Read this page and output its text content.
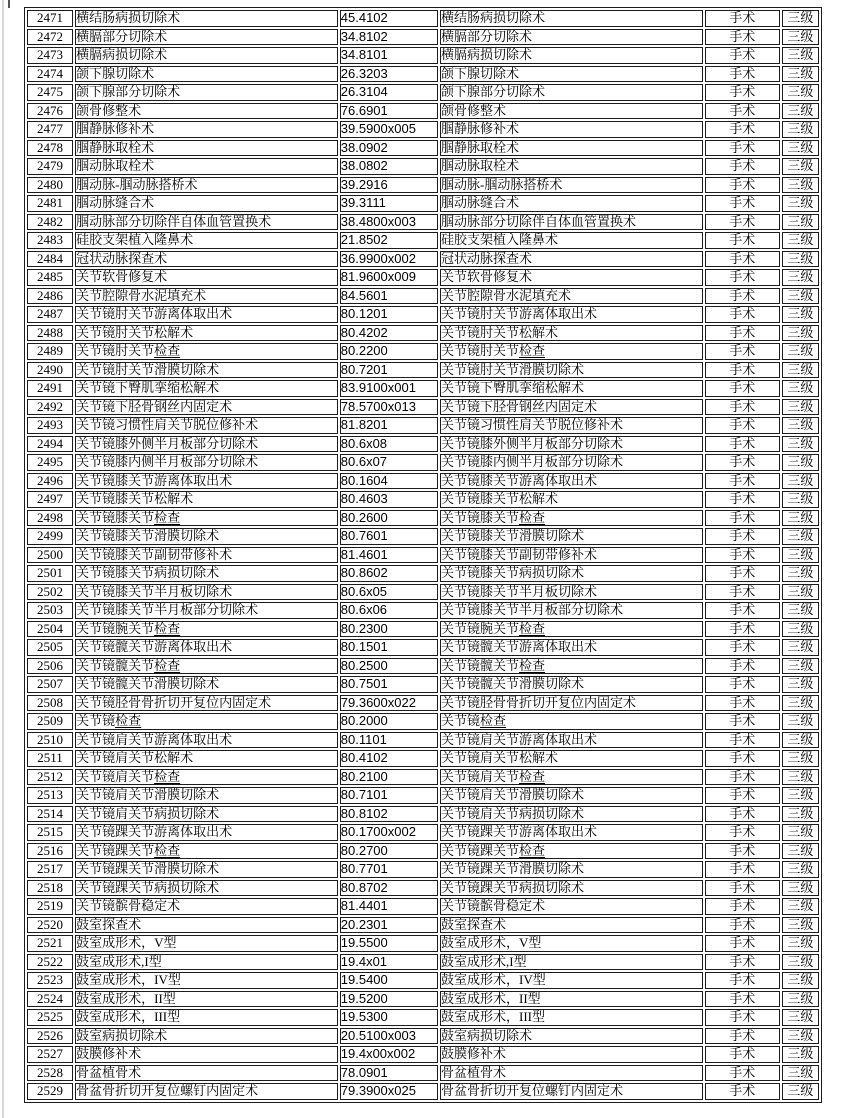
2471	横结肠病损切除术	45.4102	横结肠病损切除术	手术	三级
2472	横膈部分切除术	34.8102	横膈部分切除术	手术	三级
2473	横膈病损切除术	34.8101	横膈病损切除术	手术	三级
2474	颌下腺切除术	26.3203	颌下腺切除术	手术	三级
2475	颌下腺部分切除术	26.3104	颌下腺部分切除术	手术	三级
2476	颌骨修整术	76.6901	颌骨修整术	手术	三级
2477	腘静脉修补术	39.5900x005	腘静脉修补术	手术	三级
2478	腘静脉取栓术	38.0902	腘静脉取栓术	手术	三级
2479	腘动脉取栓术	38.0802	腘动脉取栓术	手术	三级
2480	腘动脉-腘动脉搭桥术	39.2916	腘动脉-腘动脉搭桥术	手术	三级
2481	腘动脉缝合术	39.3111	腘动脉缝合术	手术	三级
2482	腘动脉部分切除伴自体血管置换术	38.4800x003	腘动脉部分切除伴自体血管置换术	手术	三级
2483	硅胶支架植入隆鼻术	21.8502	硅胶支架植入隆鼻术	手术	三级
2484	冠状动脉探查术	36.9900x002	冠状动脉探查术	手术	三级
2485	关节软骨修复术	81.9600x009	关节软骨修复术	手术	三级
2486	关节腔隙骨水泥填充术	84.5601	关节腔隙骨水泥填充术	手术	三级
2487	关节镜肘关节游离体取出术	80.1201	关节镜肘关节游离体取出术	手术	三级
2488	关节镜肘关节松解术	80.4202	关节镜肘关节松解术	手术	三级
2489	关节镜肘关节检查	80.2200	关节镜肘关节检查	手术	三级
2490	关节镜肘关节滑膜切除术	80.7201	关节镜肘关节滑膜切除术	手术	三级
2491	关节镜下臀肌挛缩松解术	83.9100x001	关节镜下臀肌挛缩松解术	手术	三级
2492	关节镜下胫骨钢丝内固定术	78.5700x013	关节镜下胫骨钢丝内固定术	手术	三级
2493	关节镜习惯性肩关节脱位修补术	81.8201	关节镜习惯性肩关节脱位修补术	手术	三级
2494	关节镜膝外侧半月板部分切除术	80.6x08	关节镜膝外侧半月板部分切除术	手术	三级
2495	关节镜膝内侧半月板部分切除术	80.6x07	关节镜膝内侧半月板部分切除术	手术	三级
2496	关节镜膝关节游离体取出术	80.1604	关节镜膝关节游离体取出术	手术	三级
2497	关节镜膝关节松解术	80.4603	关节镜膝关节松解术	手术	三级
2498	关节镜膝关节检查	80.2600	关节镜膝关节检查	手术	三级
2499	关节镜膝关节滑膜切除术	80.7601	关节镜膝关节滑膜切除术	手术	三级
2500	关节镜膝关节副韧带修补术	81.4601	关节镜膝关节副韧带修补术	手术	三级
2501	关节镜膝关节病损切除术	80.8602	关节镜膝关节病损切除术	手术	三级
2502	关节镜膝关节半月板切除术	80.6x05	关节镜膝关节半月板切除术	手术	三级
2503	关节镜膝关节半月板部分切除术	80.6x06	关节镜膝关节半月板部分切除术	手术	三级
2504	关节镜腕关节检查	80.2300	关节镜腕关节检查	手术	三级
2505	关节镜髋关节游离体取出术	80.1501	关节镜髋关节游离体取出术	手术	三级
2506	关节镜髋关节检查	80.2500	关节镜髋关节检查	手术	三级
2507	关节镜髋关节滑膜切除术	80.7501	关节镜髋关节滑膜切除术	手术	三级
2508	关节镜胫骨骨折切开复位内固定术	79.3600x022	关节镜胫骨骨折切开复位内固定术	手术	三级
2509	关节镜检查	80.2000	关节镜检查	手术	三级
2510	关节镜肩关节游离体取出术	80.1101	关节镜肩关节游离体取出术	手术	三级
2511	关节镜肩关节松解术	80.4102	关节镜肩关节松解术	手术	三级
2512	关节镜肩关节检查	80.2100	关节镜肩关节检查	手术	三级
2513	关节镜肩关节滑膜切除术	80.7101	关节镜肩关节滑膜切除术	手术	三级
2514	关节镜肩关节病损切除术	80.8102	关节镜肩关节病损切除术	手术	三级
2515	关节镜踝关节游离体取出术	80.1700x002	关节镜踝关节游离体取出术	手术	三级
2516	关节镜踝关节检查	80.2700	关节镜踝关节检查	手术	三级
2517	关节镜踝关节滑膜切除术	80.7701	关节镜踝关节滑膜切除术	手术	三级
2518	关节镜踝关节病损切除术	80.8702	关节镜踝关节病损切除术	手术	三级
2519	关节镜髌骨稳定术	81.4401	关节镜髌骨稳定术	手术	三级
2520	鼓室探查术	20.2301	鼓室探查术	手术	三级
2521	鼓室成形术，V型	19.5500	鼓室成形术，V型	手术	三级
2522	鼓室成形术,I型	19.4x01	鼓室成形术,I型	手术	三级
2523	鼓室成形术，IV型	19.5400	鼓室成形术，IV型	手术	三级
2524	鼓室成形术，II型	19.5200	鼓室成形术，II型	手术	三级
2525	鼓室成形术，III型	19.5300	鼓室成形术，III型	手术	三级
2526	鼓室病损切除术	20.5100x003	鼓室病损切除术	手术	三级
2527	鼓膜修补术	19.4x00x002	鼓膜修补术	手术	三级
2528	骨盆植骨术	78.0901	骨盆植骨术	手术	三级
2529	骨盆骨折切开复位螺钉内固定术	79.3900x025	骨盆骨折切开复位螺钉内固定术	手术	三级
